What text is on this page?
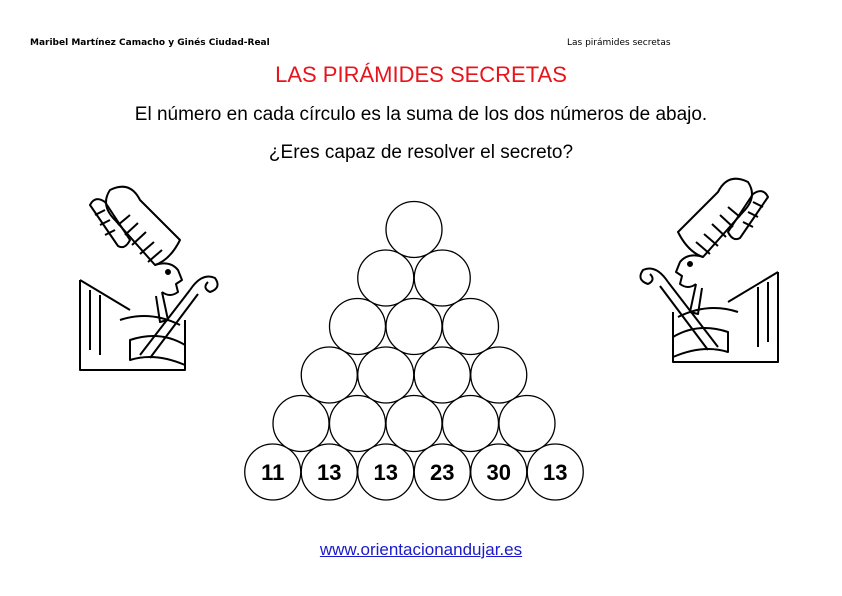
Maribel Martínez Camacho y Ginés Ciudad-Real	Las pirámides secretas
LAS PIRÁMIDES SECRETAS
El número en cada círculo es la suma de los dos números de abajo.
¿Eres capaz de resolver el secreto?
11 13 13 23 30 13
www.orientacionandujar.es
